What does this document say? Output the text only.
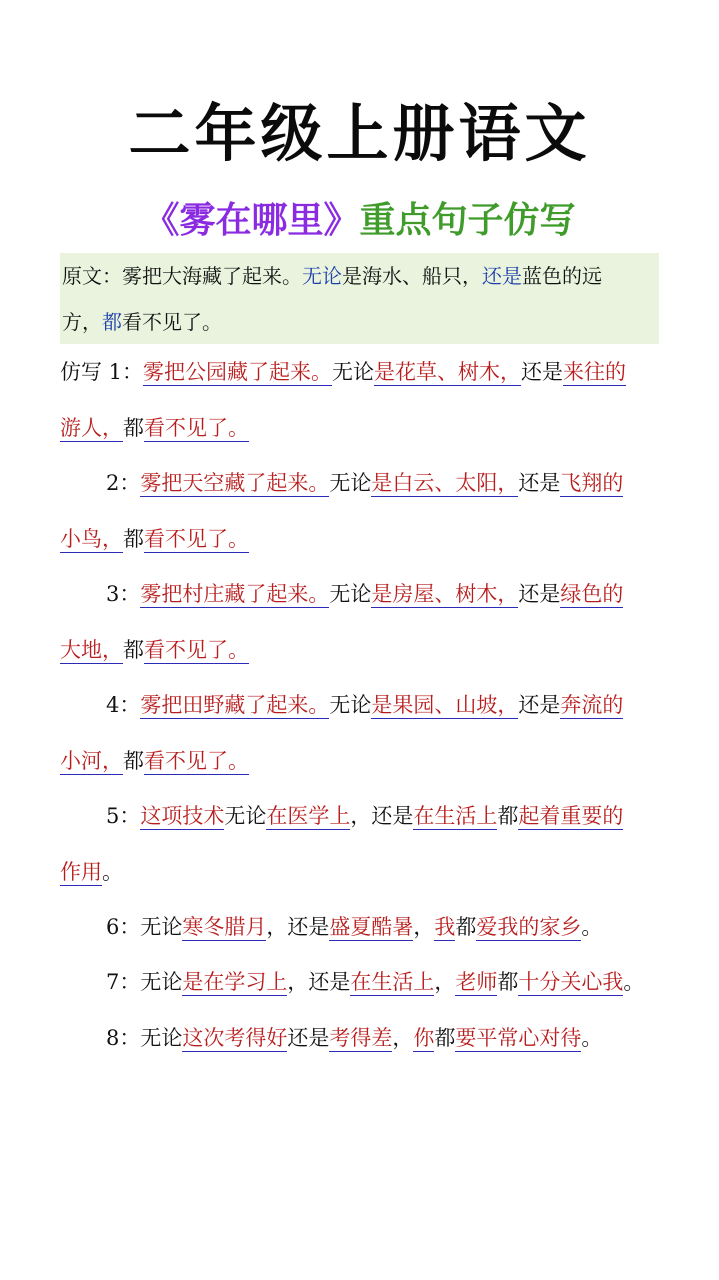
二年级上册语文
《雾在哪里》重点句子仿写
原文：雾把大海藏了起来。无论是海水、船只，还是蓝色的远
方，都看不见了。
仿写 1：雾把公园藏了起来。无论是花草、树木，还是来往的
游人，都看不见了。
2：雾把天空藏了起来。无论是白云、太阳，还是飞翔的
小鸟，都看不见了。
3：雾把村庄藏了起来。无论是房屋、树木，还是绿色的
大地，都看不见了。
4：雾把田野藏了起来。无论是果园、山坡，还是奔流的
小河，都看不见了。
5：这项技术无论在医学上，还是在生活上都起着重要的
作用。
6：无论寒冬腊月，还是盛夏酷暑，我都爱我的家乡。
7：无论是在学习上，还是在生活上，老师都十分关心我。
8：无论这次考得好还是考得差，你都要平常心对待。
